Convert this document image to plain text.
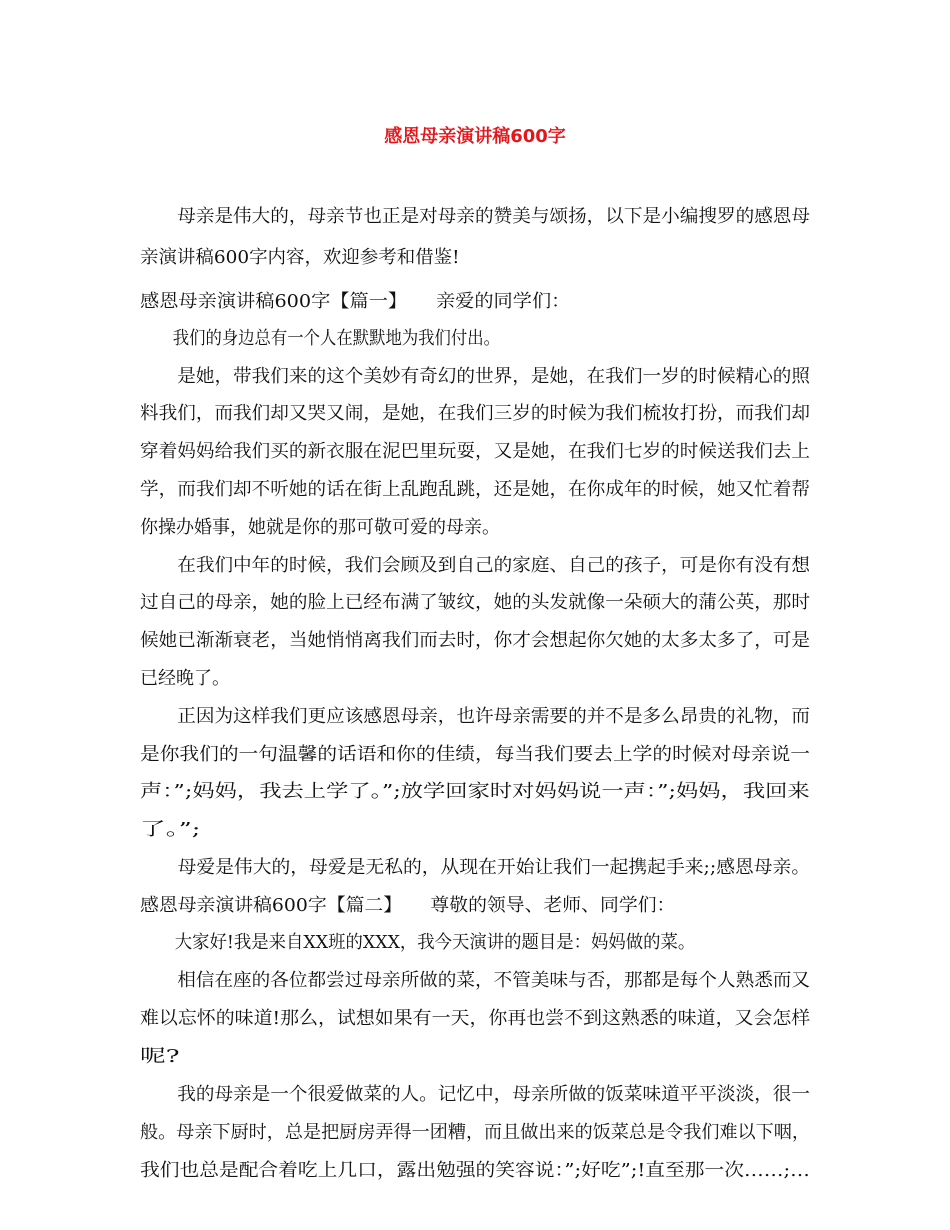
感恩母亲演讲稿600字
　　母亲是伟大的，母亲节也正是对母亲的赞美与颂扬，以下是小编搜罗的感恩母
亲演讲稿600字内容，欢迎参考和借鉴!
感恩母亲演讲稿600字【篇一】　　亲爱的同学们：
　　我们的身边总有一个人在默默地为我们付出。
　　是她，带我们来的这个美妙有奇幻的世界，是她，在我们一岁的时候精心的照
料我们，而我们却又哭又闹，是她，在我们三岁的时候为我们梳妆打扮，而我们却
穿着妈妈给我们买的新衣服在泥巴里玩耍，又是她，在我们七岁的时候送我们去上
学，而我们却不听她的话在街上乱跑乱跳，还是她，在你成年的时候，她又忙着帮
你操办婚事，她就是你的那可敬可爱的母亲。
　　在我们中年的时候，我们会顾及到自己的家庭、自己的孩子，可是你有没有想
过自己的母亲，她的脸上已经布满了皱纹，她的头发就像一朵硕大的蒲公英，那时
候她已渐渐衰老，当她悄悄离我们而去时，你才会想起你欠她的太多太多了，可是
已经晚了。
　　正因为这样我们更应该感恩母亲，也许母亲需要的并不是多么昂贵的礼物，而
是你我们的一句温馨的话语和你的佳绩，每当我们要去上学的时候对母亲说一
声：”;妈妈，我去上学了。”;放学回家时对妈妈说一声：”;妈妈，我回来
了。”;
　　母爱是伟大的，母爱是无私的，从现在开始让我们一起携起手来;;感恩母亲。
感恩母亲演讲稿600字【篇二】　　尊敬的领导、老师、同学们：
　　大家好!我是来自XX班的XXX，我今天演讲的题目是：妈妈做的菜。
　　相信在座的各位都尝过母亲所做的菜，不管美味与否，那都是每个人熟悉而又
难以忘怀的味道!那么，试想如果有一天，你再也尝不到这熟悉的味道，又会怎样
呢?
　　我的母亲是一个很爱做菜的人。记忆中，母亲所做的饭菜味道平平淡淡，很一
般。母亲下厨时，总是把厨房弄得一团糟，而且做出来的饭菜总是令我们难以下咽，
我们也总是配合着吃上几口，露出勉强的笑容说：”;好吃”;!直至那一次……;…
